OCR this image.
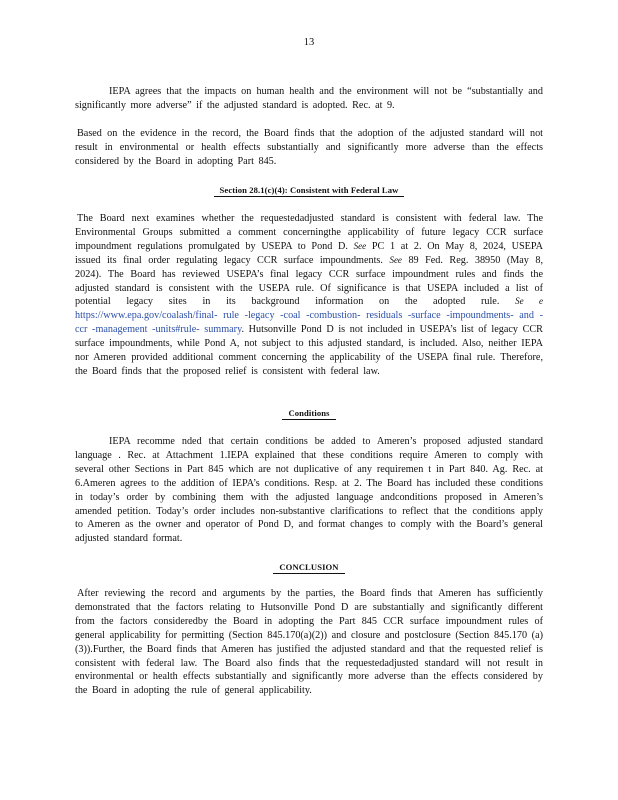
13

IEPA agrees that the impacts on human health and the environment will not be “substantially and significantly more adverse” if the adjusted standard is adopted. Rec. at 9.

Based on the evidence in the record, the Board finds that the adoption of the adjusted standard will not result in environmental or health effects substantially and significantly more adverse than the effects considered by the Board in adopting Part 845.

Section 28.1(c)(4): Consistent with Federal Law

The Board next examines whether the requestedadjusted standard is consistent with federal law. The Environmental Groups submitted a comment concerningthe applicability of future legacy CCR surface impoundment regulations promulgated by USEPA to Pond D. See PC 1 at 2. On May 8, 2024, USEPA issued its final order regulating legacy CCR surface impoundments. See 89 Fed. Reg. 38950 (May 8, 2024). The Board has reviewed USEPA’s final legacy CCR surface impoundment rules and finds the adjusted standard is consistent with the USEPA rule. Of significance is that USEPA included a list of potential legacy sites in its background information on the adopted rule. Se e https://www.epa.gov/coalash/final- rule -legacy -coal -combustion- residuals -surface -impoundments- and -ccr -management -units#rule- summary. Hutsonville Pond D is not included in USEPA’s list of legacy CCR surface impoundments, while Pond A, not subject to this adjusted standard, is included. Also, neither IEPA nor Ameren provided additional comment concerning the applicability of the USEPA final rule. Therefore, the Board finds that the proposed relief is consistent with federal law.

Conditions

IEPA recomme nded that certain conditions be added to Ameren’s proposed adjusted standard language . Rec. at Attachment 1.IEPA explained that these conditions require Ameren to comply with several other Sections in Part 845 which are not duplicative of any requiremen t in Part 840. Ag. Rec. at 6.Ameren agrees to the addition of IEPA’s conditions. Resp. at 2. The Board has included these conditions in today’s order by combining them with the adjusted language andconditions proposed in Ameren’s amended petition. Today’s order includes non-substantive clarifications to reflect that the conditions apply to Ameren as the owner and operator of Pond D, and format changes to comply with the Board’s general adjusted standard format.

CONCLUSION

After reviewing the record and arguments by the parties, the Board finds that Ameren has sufficiently demonstrated that the factors relating to Hutsonville Pond D are substantially and significantly different from the factors consideredby the Board in adopting the Part 845 CCR surface impoundment rules of general applicability for permitting (Section 845.170(a)(2)) and closure and postclosure (Section 845.170 (a)(3)).Further, the Board finds that Ameren has justified the adjusted standard and that the requested relief is consistent with federal law. The Board also finds that the requestedadjusted standard will not result in environmental or health effects substantially and significantly more adverse than the effects considered by the Board in adopting the rule of general applicability.
